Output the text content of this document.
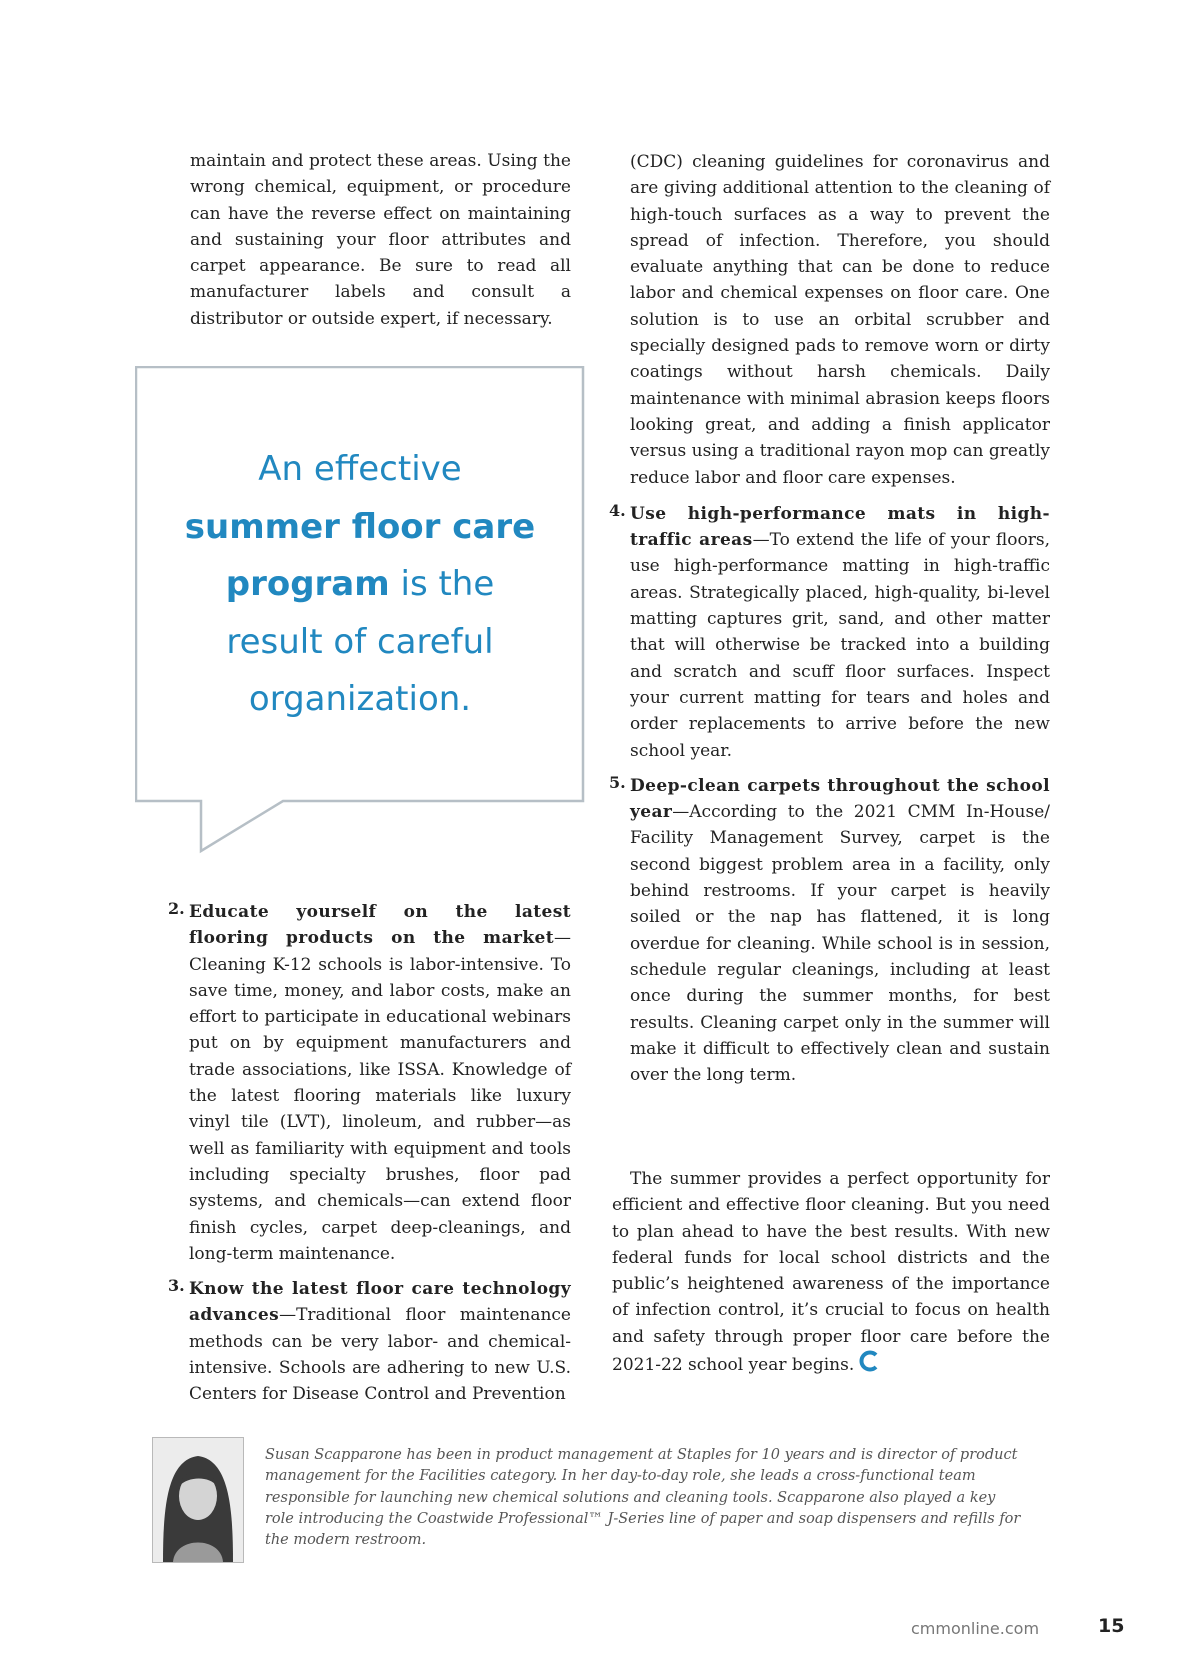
maintain and protect these areas. Using the wrong chemical, equipment, or procedure can have the reverse effect on maintaining and sustaining your floor attributes and carpet appearance. Be sure to read all manufacturer labels and consult a distributor or outside expert, if necessary.

An effective
summer floor care program is the
result of careful organization.
2. Educate yourself on the latest flooring products on the market—Cleaning K-12 schools is labor-intensive. To save time, money, and labor costs, make an effort to participate in educational webinars put on by equipment manufacturers and trade associations, like ISSA. Knowledge of the latest flooring materials like luxury vinyl tile (LVT), linoleum, and rubber—as well as familiarity with equipment and tools including specialty brushes, floor pad systems, and chemicals—can extend floor finish cycles, carpet deep-cleanings, and long-term maintenance.

3. Know the latest floor care technology advances—Traditional floor maintenance methods can be very labor- and chemical-intensive. Schools are adhering to new U.S. Centers for Disease Control and Prevention

(CDC) cleaning guidelines for coronavirus and are giving additional attention to the cleaning of high-touch surfaces as a way to prevent the spread of infection. Therefore, you should evaluate anything that can be done to reduce labor and chemical expenses on floor care. One solution is to use an orbital scrubber and specially designed pads to remove worn or dirty coatings without harsh chemicals. Daily maintenance with minimal abrasion keeps floors looking great, and adding a finish applicator versus using a traditional rayon mop can greatly reduce labor and floor care expenses.

4. Use high-performance mats in high-traffic areas—To extend the life of your floors, use high-performance matting in high-traffic areas. Strategically placed, high-quality, bi-level matting captures grit, sand, and other matter that will otherwise be tracked into a building and scratch and scuff floor surfaces. Inspect your current matting for tears and holes and order replacements to arrive before the new school year.

5. Deep-clean carpets throughout the school year—According to the 2021 CMM In-House/ Facility Management Survey, carpet is the second biggest problem area in a facility, only behind restrooms. If your carpet is heavily soiled or the nap has flattened, it is long overdue for cleaning. While school is in session, schedule regular cleanings, including at least once during the summer months, for best results. Cleaning carpet only in the summer will make it difficult to effectively clean and sustain over the long term.

The summer provides a perfect opportunity for efficient and effective floor cleaning. But you need to plan ahead to have the best results. With new federal funds for local school districts and the public’s heightened awareness of the importance of infection control, it’s crucial to focus on health and safety through proper floor care before the 2021-22 school year begins.

Susan Scapparone has been in product management at Staples for 10 years and is director of product management for the Facilities category. In her day-to-day role, she leads a cross-functional team responsible for launching new chemical solutions and cleaning tools. Scapparone also played a key role introducing the Coastwide Professional™ J-Series line of paper and soap dispensers and refills for the modern restroom.
cmmonline.com	15
